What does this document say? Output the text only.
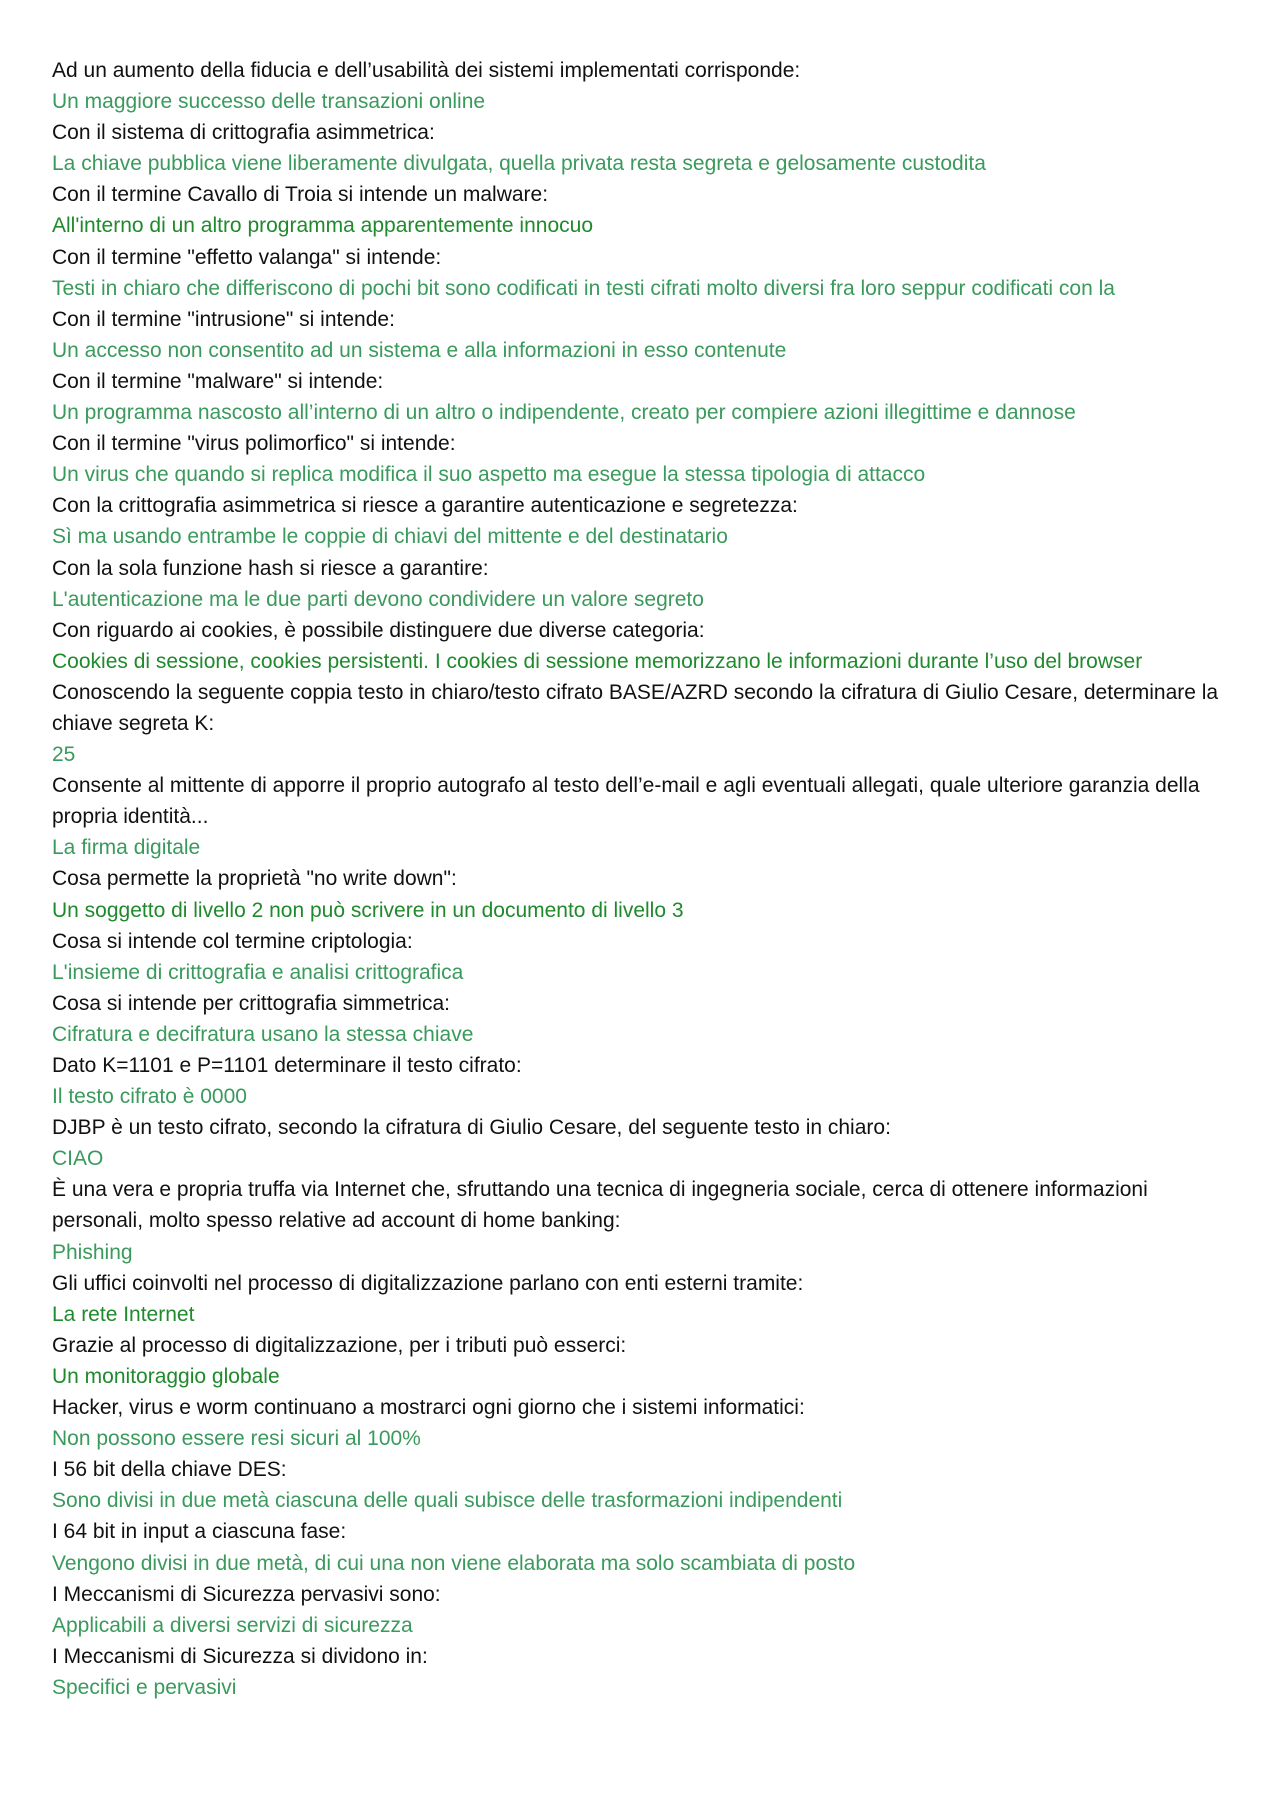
Ad un aumento della fiducia e dell’usabilità dei sistemi implementati corrisponde:

Un maggiore successo delle transazioni online

Con il sistema di crittografia asimmetrica:

La chiave pubblica viene liberamente divulgata, quella privata resta segreta e gelosamente custodita

Con il termine Cavallo di Troia si intende un malware:

All'interno di un altro programma apparentemente innocuo

Con il termine "effetto valanga" si intende:

Testi in chiaro che differiscono di pochi bit sono codificati in testi cifrati molto diversi fra loro seppur codificati con la

Con il termine "intrusione" si intende:

Un accesso non consentito ad un sistema e alla informazioni in esso contenute

Con il termine "malware" si intende:

Un programma nascosto all’interno di un altro o indipendente, creato per compiere azioni illegittime e dannose

Con il termine "virus polimorfico" si intende:

Un virus che quando si replica modifica il suo aspetto ma esegue la stessa tipologia di attacco

Con la crittografia asimmetrica si riesce a garantire autenticazione e segretezza:

Sì ma usando entrambe le coppie di chiavi del mittente e del destinatario

Con la sola funzione hash si riesce a garantire:

L'autenticazione ma le due parti devono condividere un valore segreto

Con riguardo ai cookies, è possibile distinguere due diverse categoria:

Cookies di sessione, cookies persistenti. I cookies di sessione memorizzano le informazioni durante l’uso del browser

Conoscendo la seguente coppia testo in chiaro/testo cifrato BASE/AZRD secondo la cifratura di Giulio Cesare, determinare la chiave segreta K:

25

Consente al mittente di apporre il proprio autografo al testo dell’e-mail e agli eventuali allegati, quale ulteriore garanzia della propria identità...

La firma digitale

Cosa permette la proprietà "no write down":

Un soggetto di livello 2 non può scrivere in un documento di livello 3

Cosa si intende col termine criptologia:

L'insieme di crittografia e analisi crittografica

Cosa si intende per crittografia simmetrica:

Cifratura e decifratura usano la stessa chiave

Dato K=1101 e P=1101 determinare il testo cifrato:

Il testo cifrato è 0000

DJBP è un testo cifrato, secondo la cifratura di Giulio Cesare, del seguente testo in chiaro:

CIAO

È una vera e propria truffa via Internet che, sfruttando una tecnica di ingegneria sociale, cerca di ottenere informazioni personali, molto spesso relative ad account di home banking:

Phishing

Gli uffici coinvolti nel processo di digitalizzazione parlano con enti esterni tramite:

La rete Internet

Grazie al processo di digitalizzazione, per i tributi può esserci:

Un monitoraggio globale

Hacker, virus e worm continuano a mostrarci ogni giorno che i sistemi informatici:

Non possono essere resi sicuri al 100%

I 56 bit della chiave DES:

Sono divisi in due metà ciascuna delle quali subisce delle trasformazioni indipendenti

I 64 bit in input a ciascuna fase:

Vengono divisi in due metà, di cui una non viene elaborata ma solo scambiata di posto

I Meccanismi di Sicurezza pervasivi sono:

Applicabili a diversi servizi di sicurezza

I Meccanismi di Sicurezza si dividono in:

Specifici e pervasivi
